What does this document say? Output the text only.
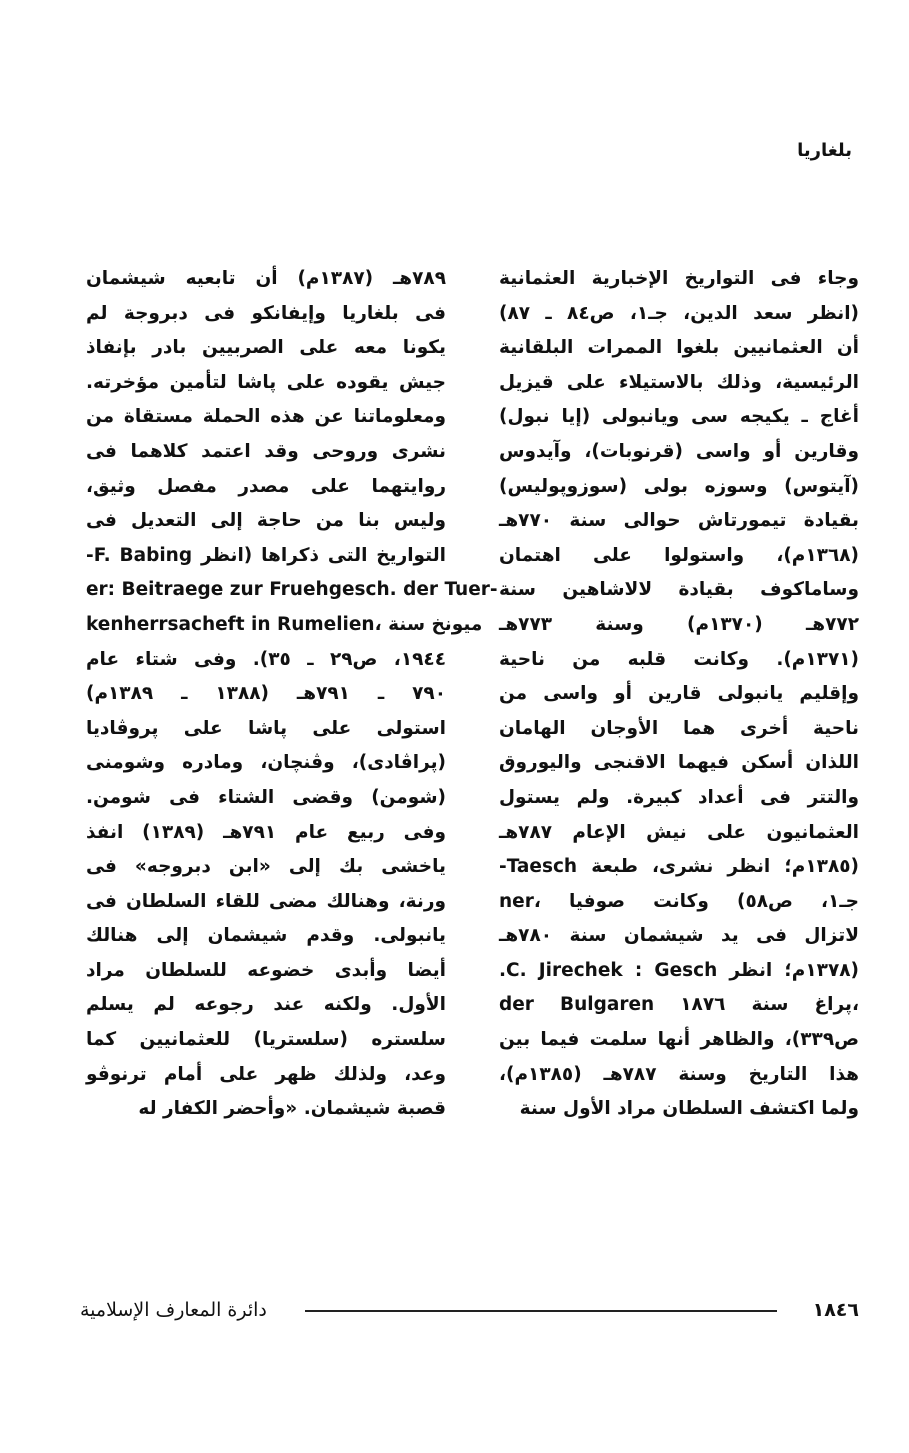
بلغاريا
وجاء فى التواريخ الإخبارية العثمانية
(انظر سعد الدين، جـ١، ص٨٤ ـ ٨٧)
أن العثمانيين بلغوا الممرات البلقانية
الرئيسية، وذلك بالاستيلاء على قيزيل
أغاج ـ يكيجه سى ويانبولى (إيا نبول)
وقارين أو واسى (قرنوبات)، وآيدوس
(آيتوس) وسوزه بولى (سوزوپوليس)
بقيادة تيمورتاش حوالى سنة ٧٧٠هـ
(١٣٦٨م)، واستولوا على اهتمان
وساماكوف بقيادة لالاشاهين سنة
٧٧٢هـ (١٣٧٠م) وسنة ٧٧٣هـ
(١٣٧١م). وكانت قلبه من ناحية
وإقليم يانبولى قارين أو واسى من
ناحية أخرى هما الأوجان الهامان
اللذان أسكن فيهما الاقنجى واليوروق
والتتر فى أعداد كبيرة. ولم يستول
العثمانيون على نيش الإعام ٧٨٧هـ
(١٣٨٥م؛ انظر نشرى، طبعة Taesch-
ner، جـ١، ص٥٨) وكانت صوفيا
لاتزال فى يد شيشمان سنة ٧٨٠هـ
(١٣٧٨م؛ انظر C. Jirechek : Gesch.
der Bulgaren پراغ سنة ١٨٧٦،
ص٣٣٩)، والظاهر أنها سلمت فيما بين
هذا التاريخ وسنة ٧٨٧هـ (١٣٨٥م)،
ولما اكتشف السلطان مراد الأول سنة
٧٨٩هـ (١٣٨٧م) أن تابعيه شيشمان
فى بلغاريا وإيفانكو فى دبروجة لم
يكونا معه على الصربيين بادر بإنفاذ
جيش يقوده على پاشا لتأمين مؤخرته.
ومعلوماتنا عن هذه الحملة مستقاة من
نشرى وروحى وقد اعتمد كلاهما فى
روايتهما على مصدر مفصل وثيق،
وليس بنا من حاجة إلى التعديل فى
التواريخ التى ذكراها (انظر F. Babing-
er: Beitraege zur Fruehgesch. der Tuer-
kenherrsacheft in Rumelien، ميونخ سنة
١٩٤٤، ص٢٩ ـ ٣٥). وفى شتاء عام
٧٩٠ ـ ٧٩١هـ (١٣٨٨ ـ ١٣٨٩م)
استولى على پاشا على پروڤاديا
(پراڤادى)، وڤنچان، ومادره وشومنى
(شومن) وقضى الشتاء فى شومن.
وفى ربيع عام ٧٩١هـ (١٣٨٩) انفذ
ياخشى بك إلى «ابن دبروجه» فى
ورنة، وهنالك مضى للقاء السلطان فى
يانبولى. وقدم شيشمان إلى هنالك
أيضا وأبدى خضوعه للسلطان مراد
الأول. ولكنه عند رجوعه لم يسلم
سلستره (سلستريا) للعثمانيين كما
وعد، ولذلك ظهر على أمام ترنوڤو
قصبة شيشمان. «وأحضر الكفار له
١٨٤٦
دائرة المعارف الإسلامية
